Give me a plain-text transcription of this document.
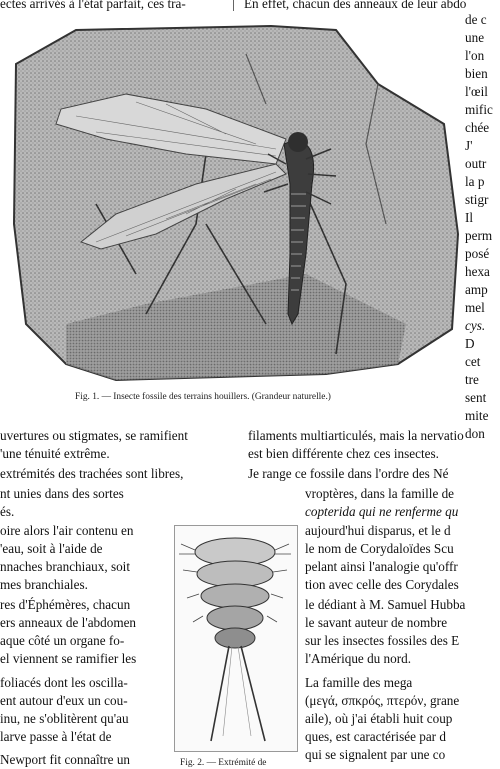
ectes arrivés à l'état parfait, ces tra-	| En effet, chacun des anneaux de leur abdo
Fig. 1. — Insecte fossile des terrains houillers. (Grandeur naturelle.)
de c
une
l'on
bien
l'œil
mific
chée
J'
outr
la p
stigr
Il
perm
posé
hexa
amp
mel
cys.
D
cet
tre
sent
mite
don
uvertures ou stigmates, se ramifient
'une ténuité extrême.
extrémités des trachées sont libres,
nt unies dans des sortes
és.
oire alors l'air contenu en
'eau, soit à l'aide de
nnaches branchiaux, soit
mes branchiales.
res d'Éphémères, chacun
ers anneaux de l'abdomen
aque côté un organe fo-
el viennent se ramifier les
foliacés dont les oscilla-
ent autour d'eux un cou-
inu, ne s'oblitèrent qu'au
larve passe à l'état de
Newport fit connaître un	Fig. 2. — Extrémité de
filaments multiarticulés, mais la nervatio
est bien différente chez ces insectes.
Je range ce fossile dans l'ordre des Né
vroptères, dans la famille de
copterida qui ne renferme qu
aujourd'hui disparus, et le d
le nom de Corydaloïdes Scu
pelant ainsi l'analogie qu'offr
tion avec celle des Corydales
le dédiant à M. Samuel Hubba
le savant auteur de nombre
sur les insectes fossiles des E
l'Amérique du nord.
La famille des mega
(μεγά, σπκρός, πτερόν, grane
aile), où j'ai établi huit coup
ques, est caractérisée par d
qui se signalent par une co
